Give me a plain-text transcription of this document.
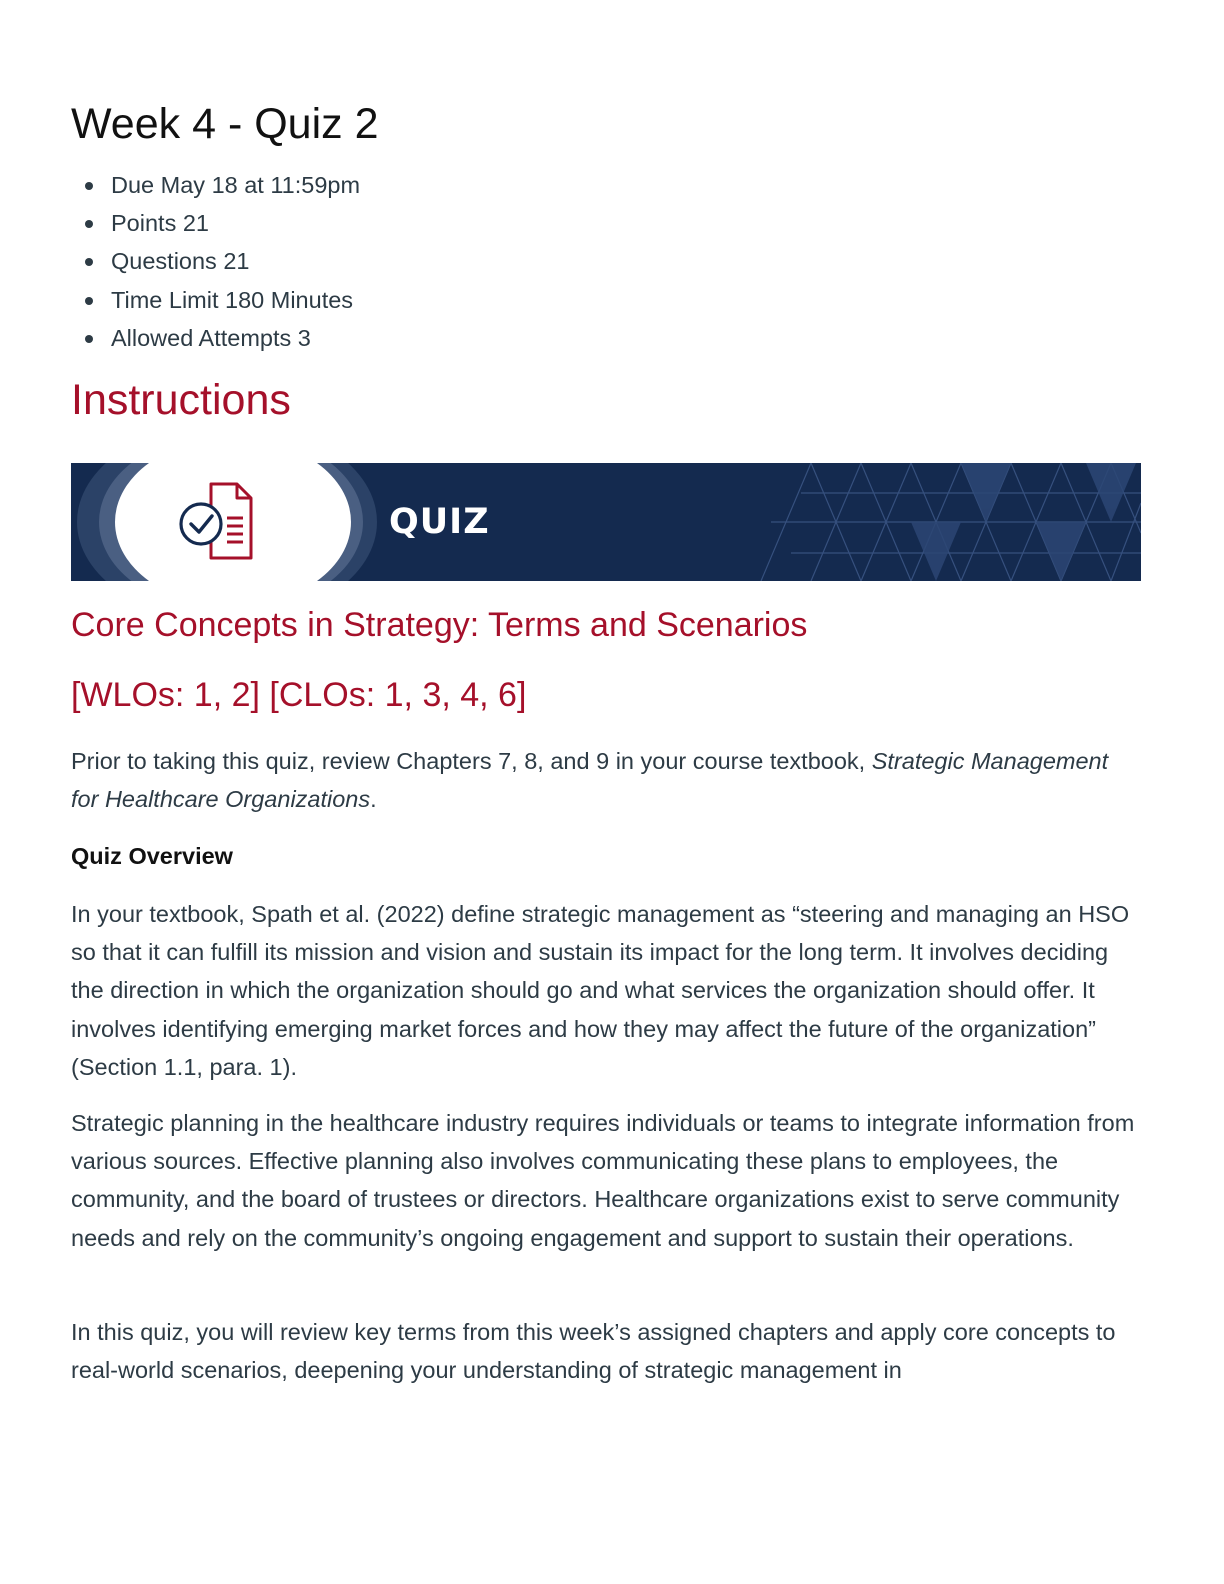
Week 4 - Quiz 2
Due May 18 at 11:59pm
Points 21
Questions 21
Time Limit 180 Minutes
Allowed Attempts 3
Instructions
QUIZ
Core Concepts in Strategy: Terms and Scenarios
[WLOs: 1, 2] [CLOs: 1, 3, 4, 6]

Prior to taking this quiz, review Chapters 7, 8, and 9 in your course textbook, Strategic Management for Healthcare Organizations.

Quiz Overview

In your textbook, Spath et al. (2022) define strategic management as “steering and managing an HSO so that it can fulfill its mission and vision and sustain its impact for the long term. It involves deciding the direction in which the organization should go and what services the organization should offer. It involves identifying emerging market forces and how they may affect the future of the organization” (Section 1.1, para. 1).

Strategic planning in the healthcare industry requires individuals or teams to integrate information from various sources. Effective planning also involves communicating these plans to employees, the community, and the board of trustees or directors. Healthcare organizations exist to serve community needs and rely on the community’s ongoing engagement and support to sustain their operations.

In this quiz, you will review key terms from this week’s assigned chapters and apply core concepts to real-world scenarios, deepening your understanding of strategic management in
